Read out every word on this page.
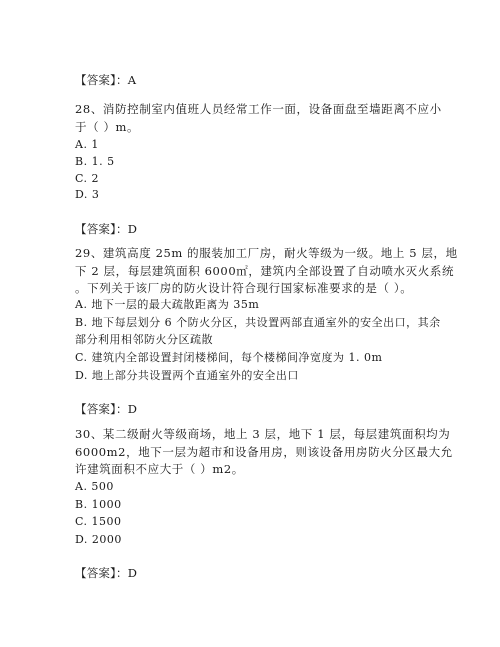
【答案】：A
28、消防控制室内值班人员经常工作一面，设备面盘至墙距离不应小
于（ ）m。
A. 1
B. 1. 5
C. 2
D. 3
【答案】：D
29、建筑高度 25m 的服装加工厂房，耐火等级为一级。地上 5 层，地
下 2 层，每层建筑面积 6000㎡，建筑内全部设置了自动喷水灭火系统
。下列关于该厂房的防火设计符合现行国家标准要求的是（ ）。
A. 地下一层的最大疏散距离为 35m
B. 地下每层划分 6 个防火分区，共设置两部直通室外的安全出口，其余
部分利用相邻防火分区疏散
C. 建筑内全部设置封闭楼梯间，每个楼梯间净宽度为 1. 0m
D. 地上部分共设置两个直通室外的安全出口
【答案】：D
30、某二级耐火等级商场，地上 3 层，地下 1 层，每层建筑面积均为
6000m2，地下一层为超市和设备用房，则该设备用房防火分区最大允
许建筑面积不应大于（ ）m2。
A. 500
B. 1000
C. 1500
D. 2000
【答案】：D
